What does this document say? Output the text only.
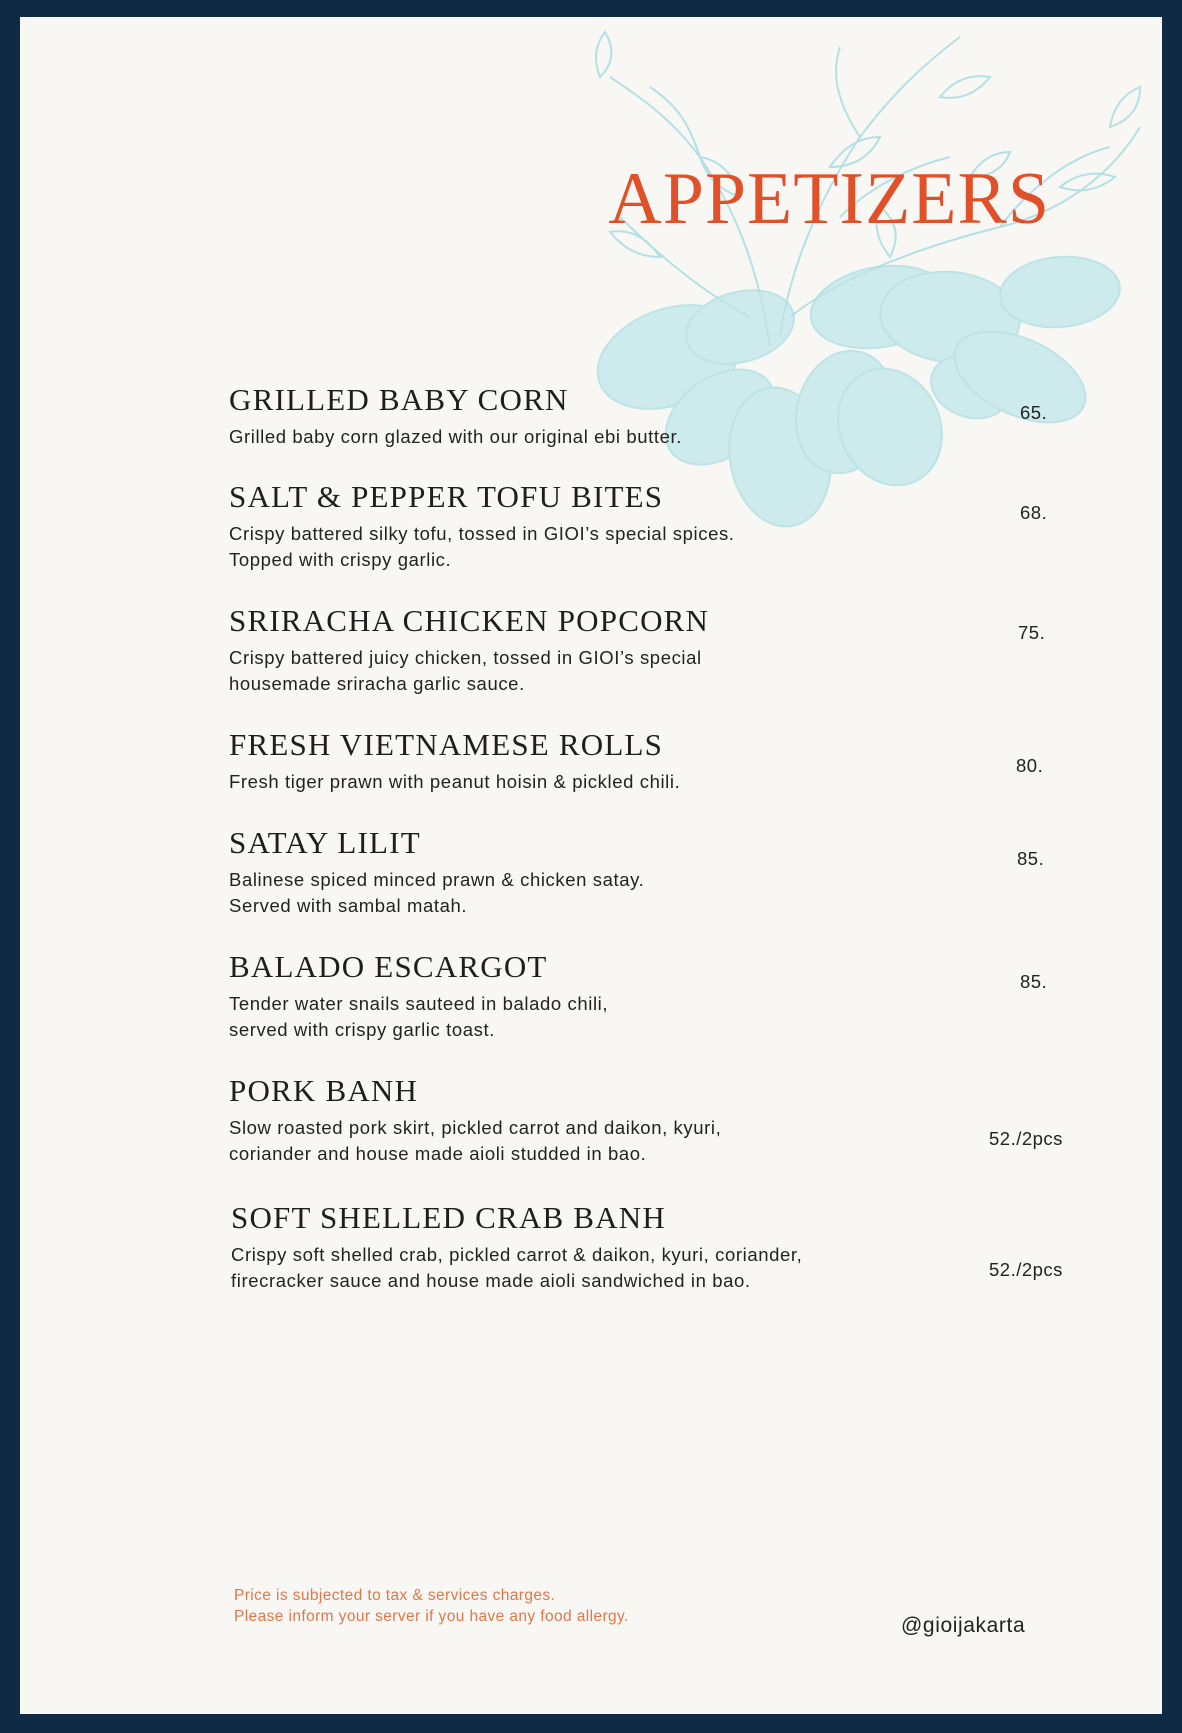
APPETIZERS
GRILLED BABY CORN

Grilled baby corn glazed with our original ebi butter.

65.
SALT & PEPPER TOFU BITES

Crispy battered silky tofu, tossed in GIOI’s special spices.
Topped with crispy garlic.

68.
SRIRACHA CHICKEN POPCORN

Crispy battered juicy chicken, tossed in GIOI’s special
housemade sriracha garlic sauce.

75.
FRESH VIETNAMESE ROLLS

Fresh tiger prawn with peanut hoisin & pickled chili.

80.
SATAY LILIT

Balinese spiced minced prawn & chicken satay.
Served with sambal matah.

85.
BALADO ESCARGOT

Tender water snails sauteed in balado chili,
served with crispy garlic toast.

85.
PORK BANH

Slow roasted pork skirt, pickled carrot and daikon, kyuri,
coriander and house made aioli studded in bao.

52./2pcs
SOFT SHELLED CRAB BANH

Crispy soft shelled crab, pickled carrot & daikon, kyuri, coriander,
firecracker sauce and house made aioli sandwiched in bao.

52./2pcs
Price is subjected to tax & services charges.
Please inform your server if you have any food allergy.	@gioijakarta
